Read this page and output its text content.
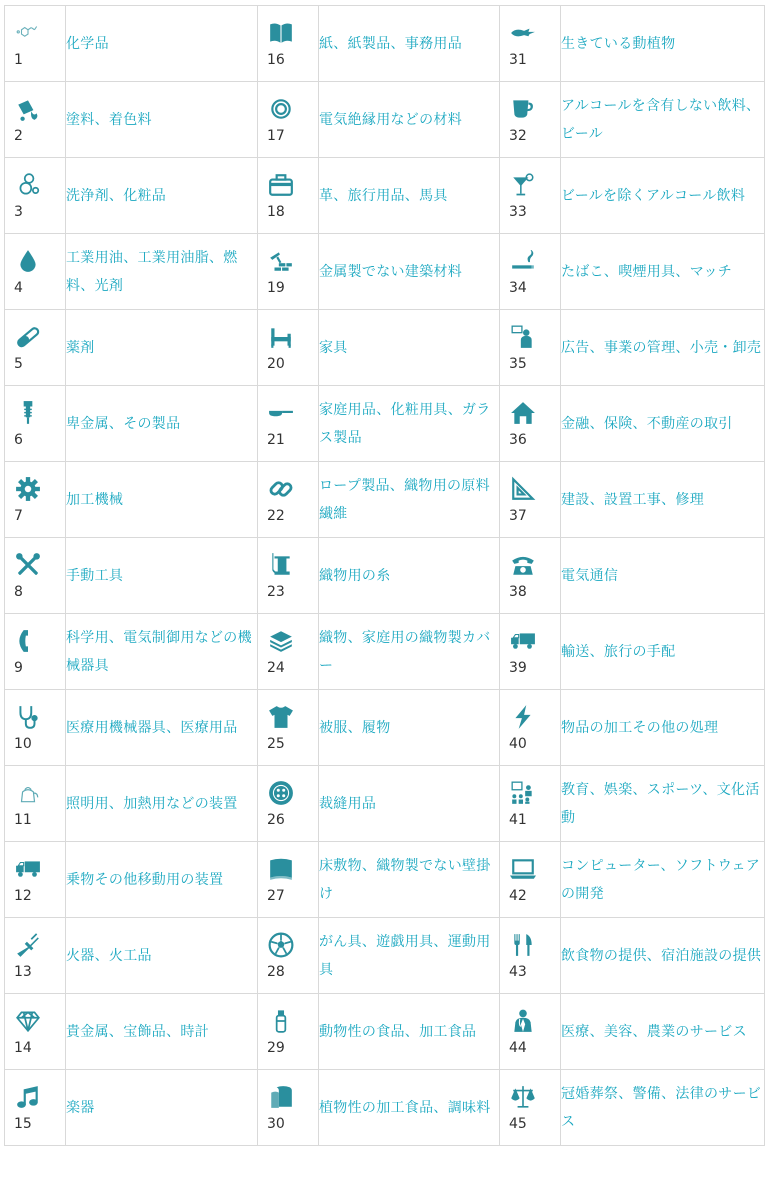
1	化学品	16	紙、紙製品、事務用品	31	生きている動植物

2	塗料、着色料	17	電気絶縁用などの材料	32	アルコールを含有しない飲料、ビール

3	洗浄剤、化粧品	18	革、旅行用品、馬具	33	ビールを除くアルコール飲料

4	工業用油、工業用油脂、燃料、光剤	19	金属製でない建築材料	34	たばこ、喫煙用具、マッチ

5	薬剤	20	家具	35	広告、事業の管理、小売・卸売

6	卑金属、その製品	21	家庭用品、化粧用具、ガラス製品	36	金融、保険、不動産の取引

7	加工機械	22	ロープ製品、織物用の原料繊維	37	建設、設置工事、修理

8	手動工具	23	織物用の糸	38	電気通信

9	科学用、電気制御用などの機械器具	24	織物、家庭用の織物製カバー	39	輸送、旅行の手配

10	医療用機械器具、医療用品	25	被服、履物	40	物品の加工その他の処理

11	照明用、加熱用などの装置	26	裁縫用品	41	教育、娯楽、スポーツ、文化活動

12	乗物その他移動用の装置	27	床敷物、織物製でない壁掛け	42	コンピューター、ソフトウェアの開発

13	火器、火工品	28	がん具、遊戯用具、運動用具	43	飲食物の提供、宿泊施設の提供

14	貴金属、宝飾品、時計	29	動物性の食品、加工食品	44	医療、美容、農業のサービス

15	楽器	30	植物性の加工食品、調味料	45	冠婚葬祭、警備、法律のサービス
